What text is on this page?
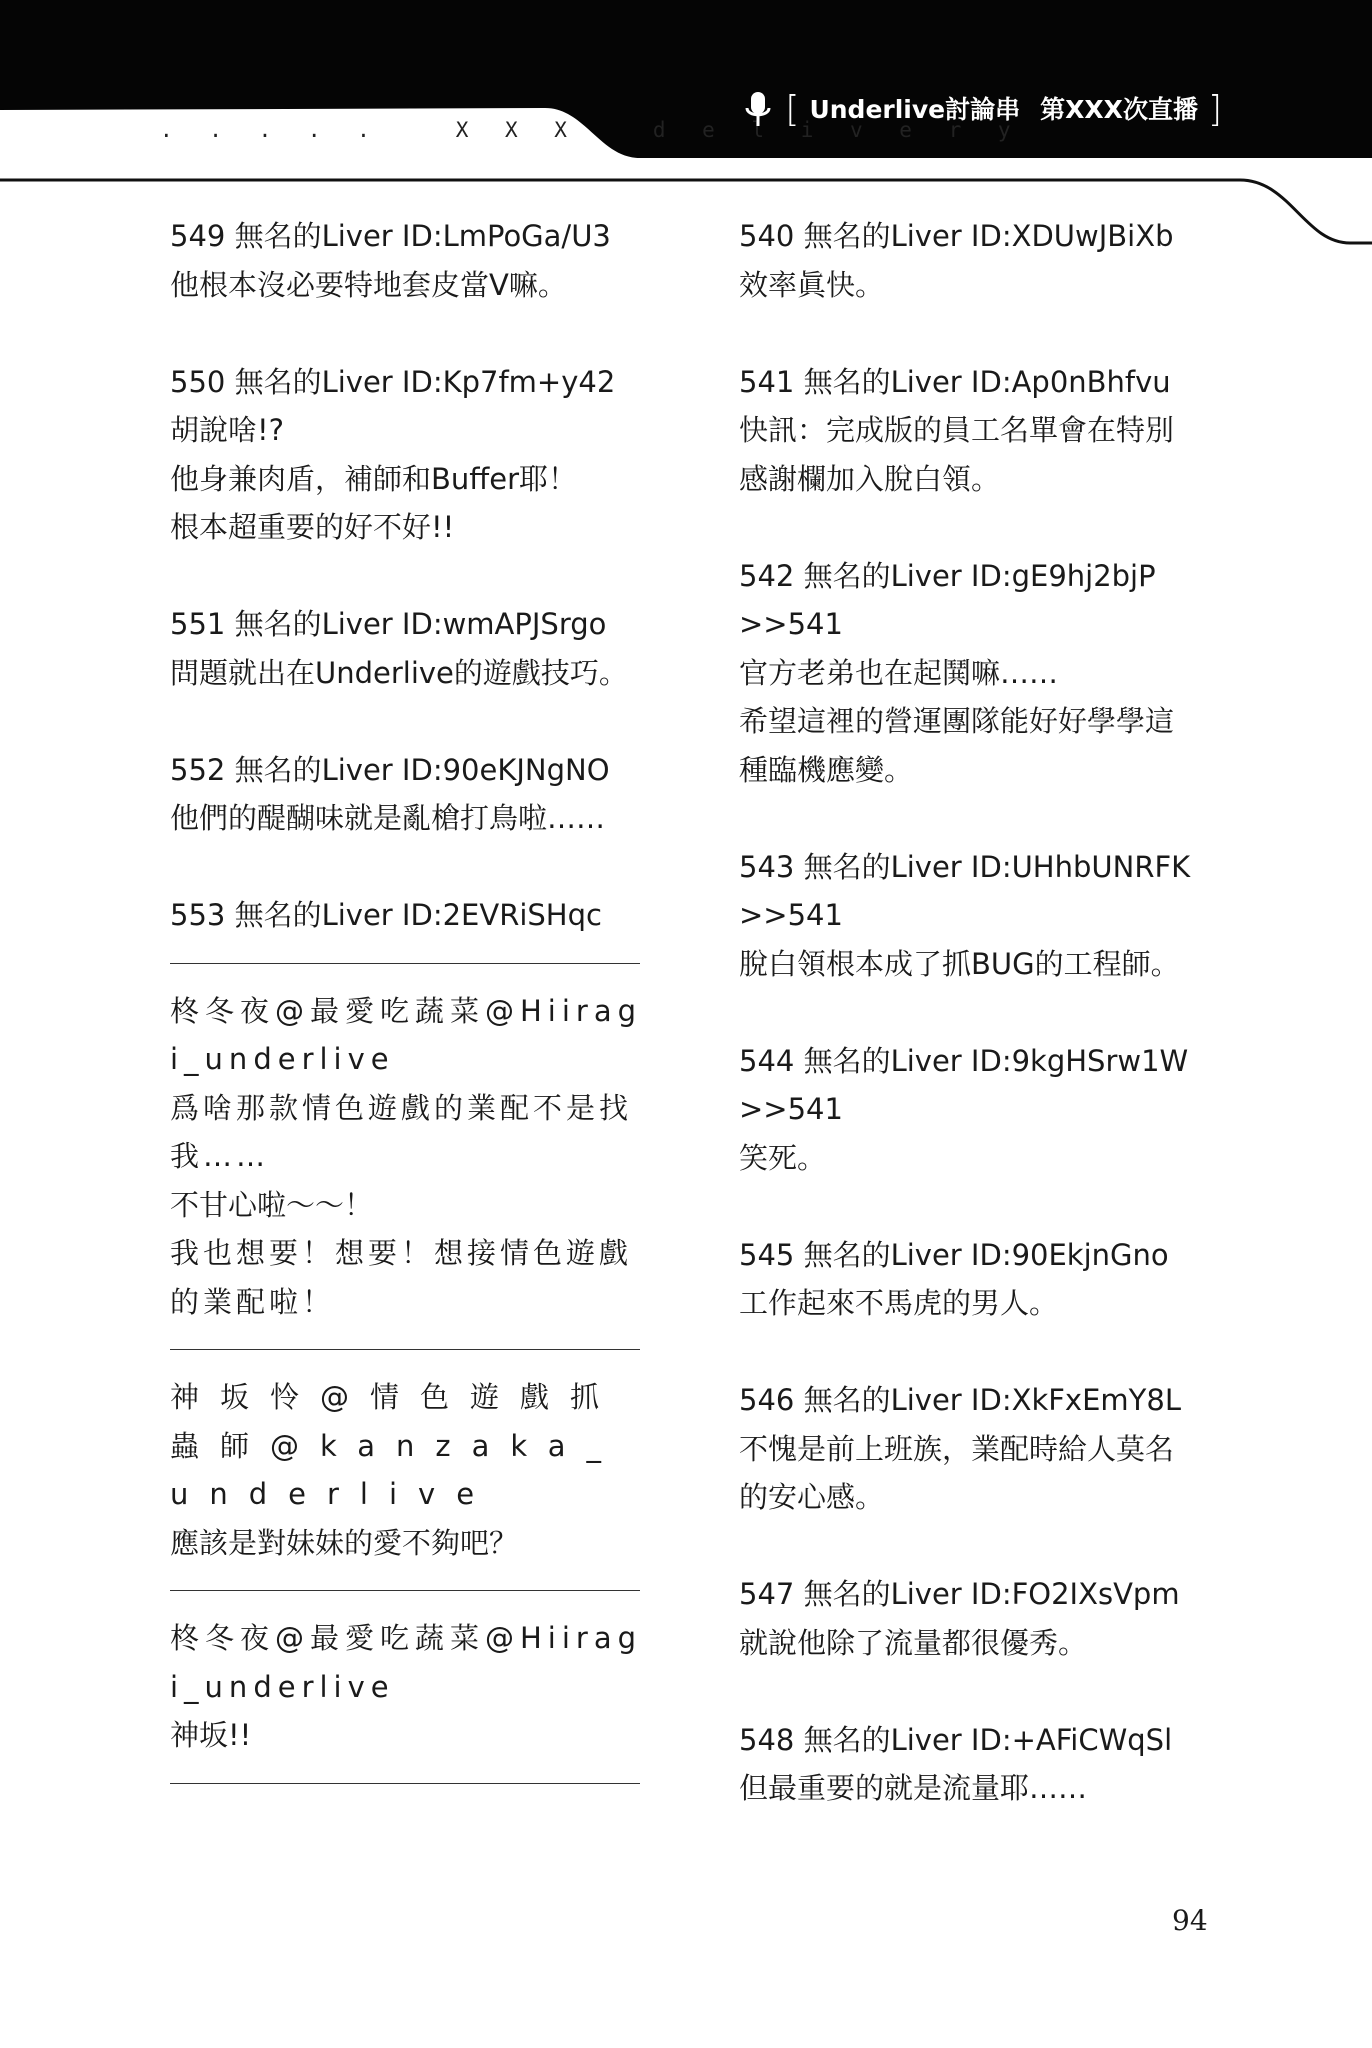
. . . . .   X X X   d e l i v e r y
[ Underlive討論串 第XXX次直播 ]
549 無名的Liver ID:LmPoGa/U3
他根本沒必要特地套皮當V嘛。
550 無名的Liver ID:Kp7fm+y42
胡說啥!?
他身兼肉盾，補師和Buffer耶！
根本超重要的好不好!!
551 無名的Liver ID:wmAPJSrgo
問題就出在Underlive的遊戲技巧。
552 無名的Liver ID:90eKJNgNO
他們的醍醐味就是亂槍打鳥啦……
553 無名的Liver ID:2EVRiSHqc
柊冬夜@最愛吃蔬菜@Hiiragi_underlive
爲啥那款情色遊戲的業配不是找我……
不甘心啦〜〜！
我也想要！想要！想接情色遊戲的業配啦！
神坂怜@情色遊戲抓蟲師@kanzaka_underlive
應該是對妹妹的愛不夠吧？
柊冬夜@最愛吃蔬菜@Hiiragi_underlive
神坂!!
540 無名的Liver ID:XDUwJBiXb
效率眞快。
541 無名的Liver ID:Ap0nBhfvu
快訊：完成版的員工名單會在特別
感謝欄加入脫白領。
542 無名的Liver ID:gE9hj2bjP
>>541
官方老弟也在起鬨嘛……
希望這裡的營運團隊能好好學學這
種臨機應變。
543 無名的Liver ID:UHhbUNRFK
>>541
脫白領根本成了抓BUG的工程師。
544 無名的Liver ID:9kgHSrw1W
>>541
笑死。
545 無名的Liver ID:90EkjnGno
工作起來不馬虎的男人。
546 無名的Liver ID:XkFxEmY8L
不愧是前上班族，業配時給人莫名
的安心感。
547 無名的Liver ID:FO2IXsVpm
就說他除了流量都很優秀。
548 無名的Liver ID:+AFiCWqSl
但最重要的就是流量耶……
94
